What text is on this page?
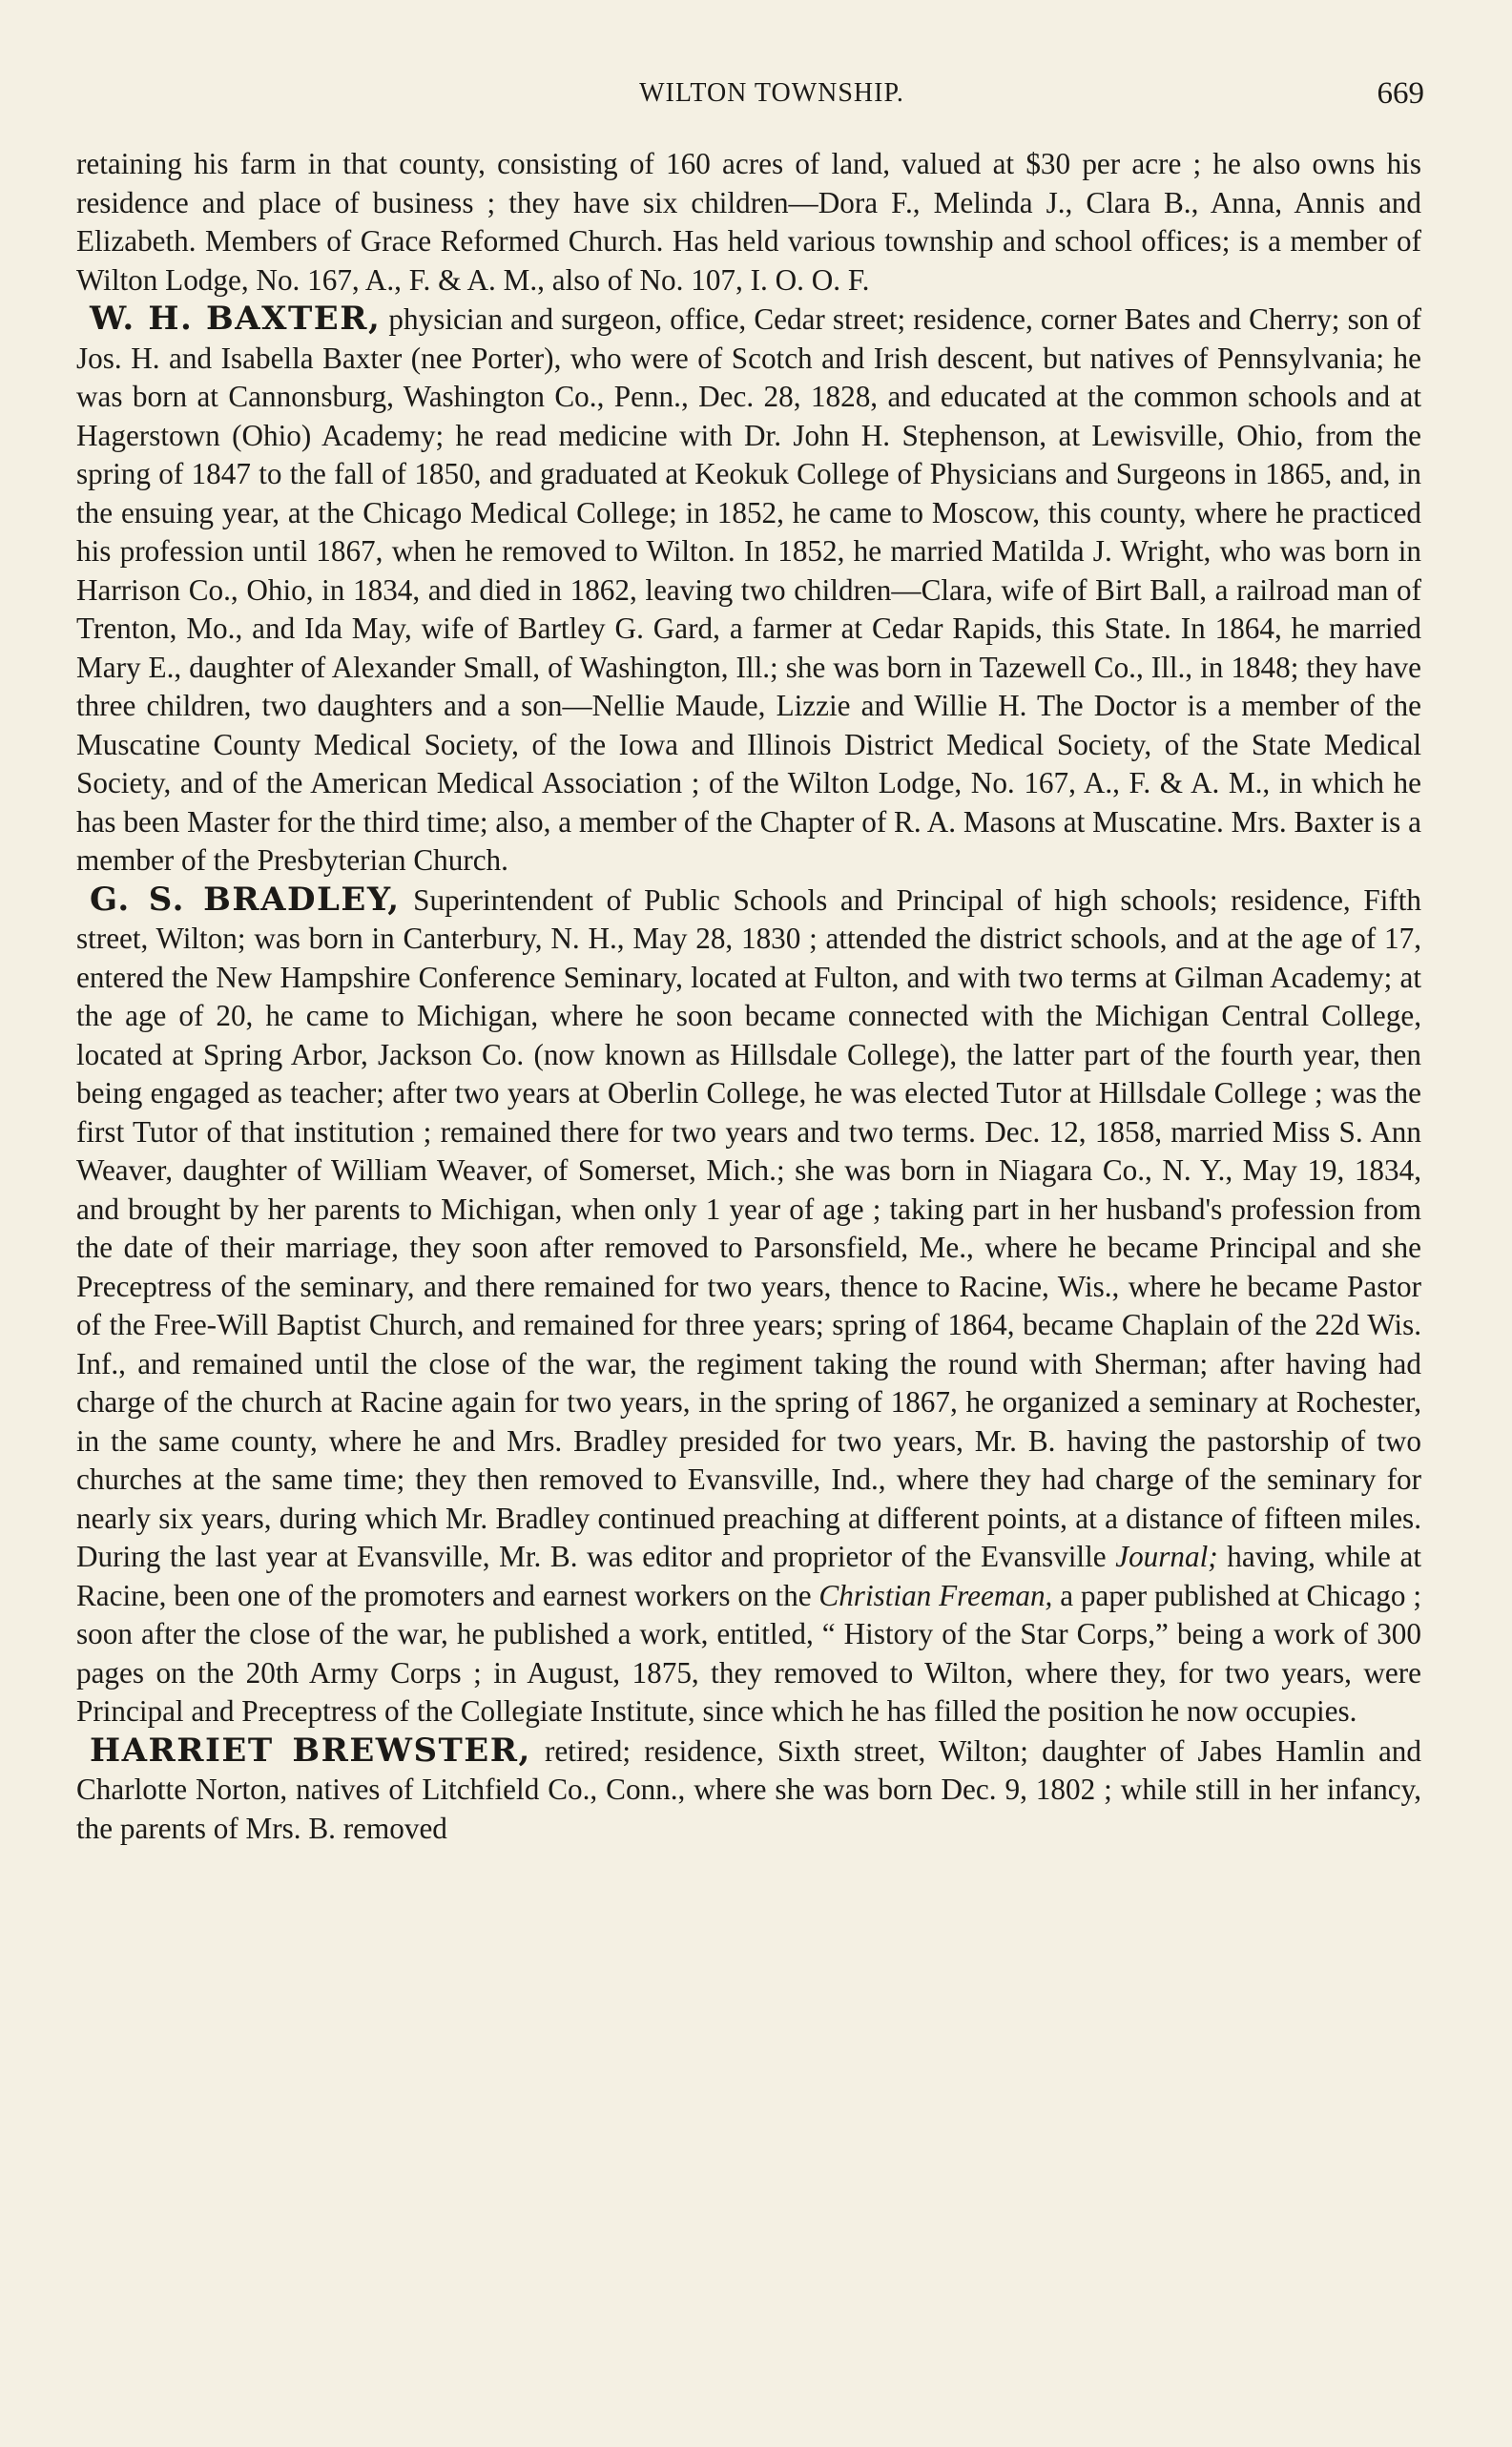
WILTON TOWNSHIP.	669

retaining his farm in that county, consisting of 160 acres of land, valued at $30 per acre ; he also owns his residence and place of business ; they have six children—Dora F., Melinda J., Clara B., Anna, Annis and Elizabeth. Members of Grace Reformed Church. Has held various township and school offices; is a member of Wilton Lodge, No. 167, A., F. & A. M., also of No. 107, I. O. O. F.

W. H. BAXTER, physician and surgeon, office, Cedar street; residence, corner Bates and Cherry; son of Jos. H. and Isabella Baxter (nee Porter), who were of Scotch and Irish descent, but natives of Pennsylvania; he was born at Cannonsburg, Washington Co., Penn., Dec. 28, 1828, and educated at the common schools and at Hagerstown (Ohio) Academy; he read medicine with Dr. John H. Stephenson, at Lewisville, Ohio, from the spring of 1847 to the fall of 1850, and graduated at Keokuk College of Physicians and Surgeons in 1865, and, in the ensuing year, at the Chicago Medical College; in 1852, he came to Moscow, this county, where he practiced his profession until 1867, when he removed to Wilton. In 1852, he married Matilda J. Wright, who was born in Harrison Co., Ohio, in 1834, and died in 1862, leaving two children—Clara, wife of Birt Ball, a railroad man of Trenton, Mo., and Ida May, wife of Bartley G. Gard, a farmer at Cedar Rapids, this State. In 1864, he married Mary E., daughter of Alexander Small, of Washington, Ill.; she was born in Tazewell Co., Ill., in 1848; they have three children, two daughters and a son—Nellie Maude, Lizzie and Willie H. The Doctor is a member of the Muscatine County Medical Society, of the Iowa and Illinois District Medical Society, of the State Medical Society, and of the American Medical Association ; of the Wilton Lodge, No. 167, A., F. & A. M., in which he has been Master for the third time; also, a member of the Chapter of R. A. Masons at Muscatine. Mrs. Baxter is a member of the Presbyterian Church.

G. S. BRADLEY, Superintendent of Public Schools and Principal of high schools; residence, Fifth street, Wilton; was born in Canterbury, N. H., May 28, 1830 ; attended the district schools, and at the age of 17, entered the New Hampshire Conference Seminary, located at Fulton, and with two terms at Gilman Academy; at the age of 20, he came to Michigan, where he soon became connected with the Michigan Central College, located at Spring Arbor, Jackson Co. (now known as Hillsdale College), the latter part of the fourth year, then being engaged as teacher; after two years at Oberlin College, he was elected Tutor at Hillsdale College ; was the first Tutor of that institution ; remained there for two years and two terms. Dec. 12, 1858, married Miss S. Ann Weaver, daughter of William Weaver, of Somerset, Mich.; she was born in Niagara Co., N. Y., May 19, 1834, and brought by her parents to Michigan, when only 1 year of age ; taking part in her husband's profession from the date of their marriage, they soon after removed to Parsonsfield, Me., where he became Principal and she Preceptress of the seminary, and there remained for two years, thence to Racine, Wis., where he became Pastor of the Free-Will Baptist Church, and remained for three years; spring of 1864, became Chaplain of the 22d Wis. Inf., and remained until the close of the war, the regiment taking the round with Sherman; after having had charge of the church at Racine again for two years, in the spring of 1867, he organized a seminary at Rochester, in the same county, where he and Mrs. Bradley presided for two years, Mr. B. having the pastorship of two churches at the same time; they then removed to Evansville, Ind., where they had charge of the seminary for nearly six years, during which Mr. Bradley continued preaching at different points, at a distance of fifteen miles. During the last year at Evansville, Mr. B. was editor and proprietor of the Evansville Journal; having, while at Racine, been one of the promoters and earnest workers on the Christian Freeman, a paper published at Chicago ; soon after the close of the war, he published a work, entitled, “ History of the Star Corps,” being a work of 300 pages on the 20th Army Corps ; in August, 1875, they removed to Wilton, where they, for two years, were Principal and Preceptress of the Collegiate Institute, since which he has filled the position he now occupies.

HARRIET BREWSTER, retired; residence, Sixth street, Wilton; daughter of Jabes Hamlin and Charlotte Norton, natives of Litchfield Co., Conn., where she was born Dec. 9, 1802 ; while still in her infancy, the parents of Mrs. B. removed
